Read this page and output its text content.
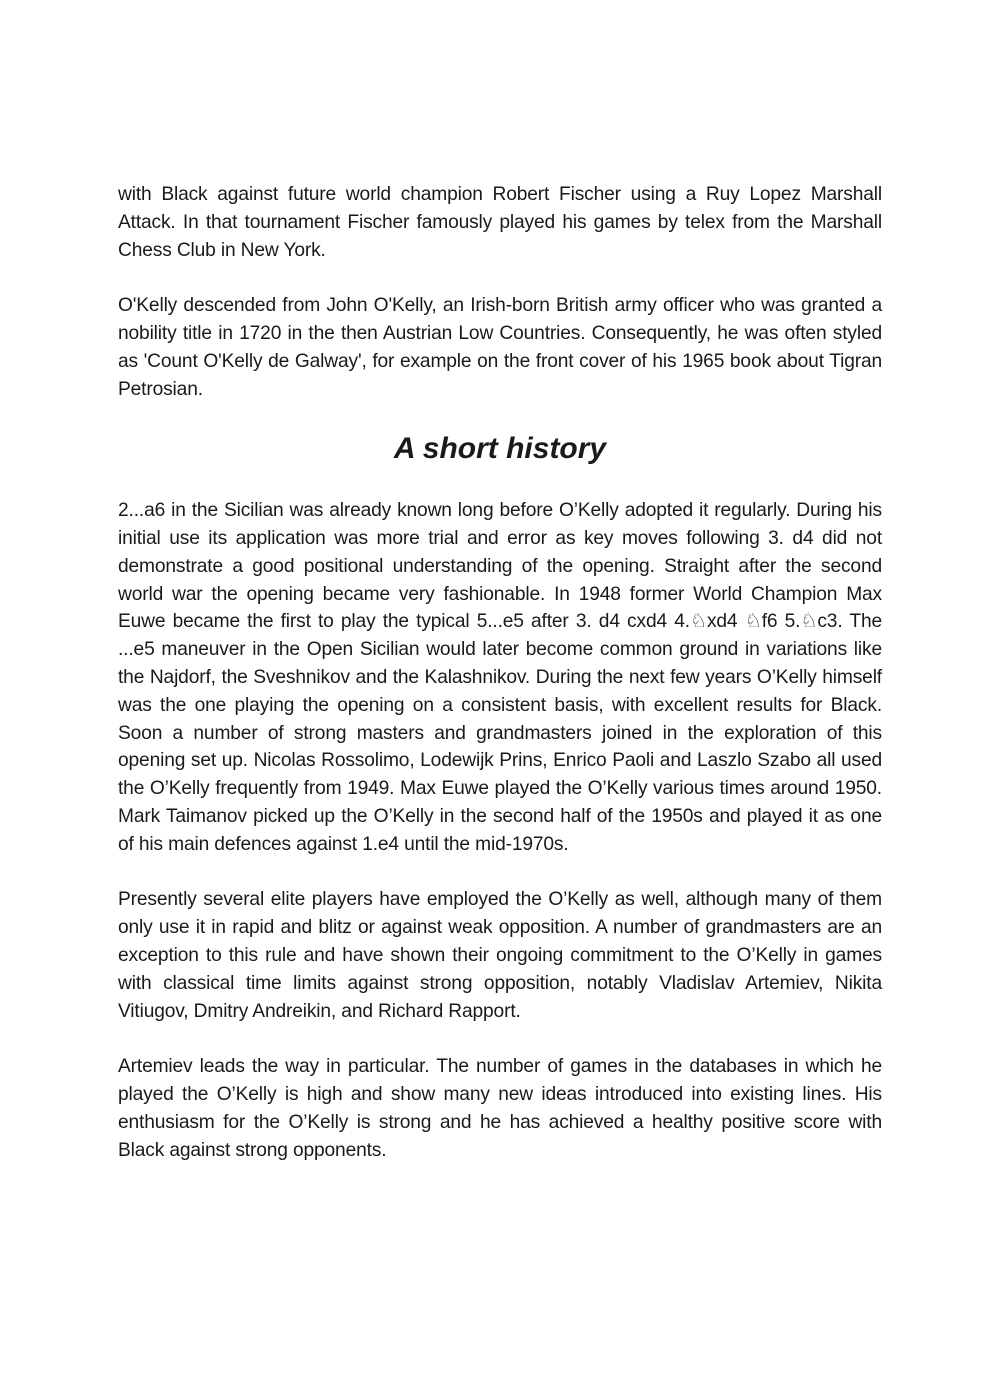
with Black against future world champion Robert Fischer using a Ruy Lopez Marshall Attack. In that tournament Fischer famously played his games by telex from the Marshall Chess Club in New York.

O'Kelly descended from John O'Kelly, an Irish-born British army officer who was granted a nobility title in 1720 in the then Austrian Low Countries. Consequently, he was often styled as 'Count O'Kelly de Galway', for example on the front cover of his 1965 book about Tigran Petrosian.

A short history

2...a6 in the Sicilian was already known long before O’Kelly adopted it regularly. During his initial use its application was more trial and error as key moves following 3. d4 did not demonstrate a good positional understanding of the opening. Straight after the second world war the opening became very fashionable. In 1948 former World Champion Max Euwe became the first to play the typical 5...e5 after 3. d4 cxd4 4.♘xd4 ♘f6 5.♘c3. The ...e5 maneuver in the Open Sicilian would later become common ground in variations like the Najdorf, the Sveshnikov and the Kalashnikov. During the next few years O’Kelly himself was the one playing the opening on a consistent basis, with excellent results for Black. Soon a number of strong masters and grandmasters joined in the exploration of this opening set up. Nicolas Rossolimo, Lodewijk Prins, Enrico Paoli and Laszlo Szabo all used the O’Kelly frequently from 1949. Max Euwe played the O’Kelly various times around 1950. Mark Taimanov picked up the O’Kelly in the second half of the 1950s and played it as one of his main defences against 1.e4 until the mid-1970s.

Presently several elite players have employed the O’Kelly as well, although many of them only use it in rapid and blitz or against weak opposition. A number of grandmasters are an exception to this rule and have shown their ongoing commitment to the O’Kelly in games with classical time limits against strong opposition, notably Vladislav Artemiev, Nikita Vitiugov, Dmitry Andreikin, and Richard Rapport.

Artemiev leads the way in particular. The number of games in the databases in which he played the O’Kelly is high and show many new ideas introduced into existing lines. His enthusiasm for the O’Kelly is strong and he has achieved a healthy positive score with Black against strong opponents.
